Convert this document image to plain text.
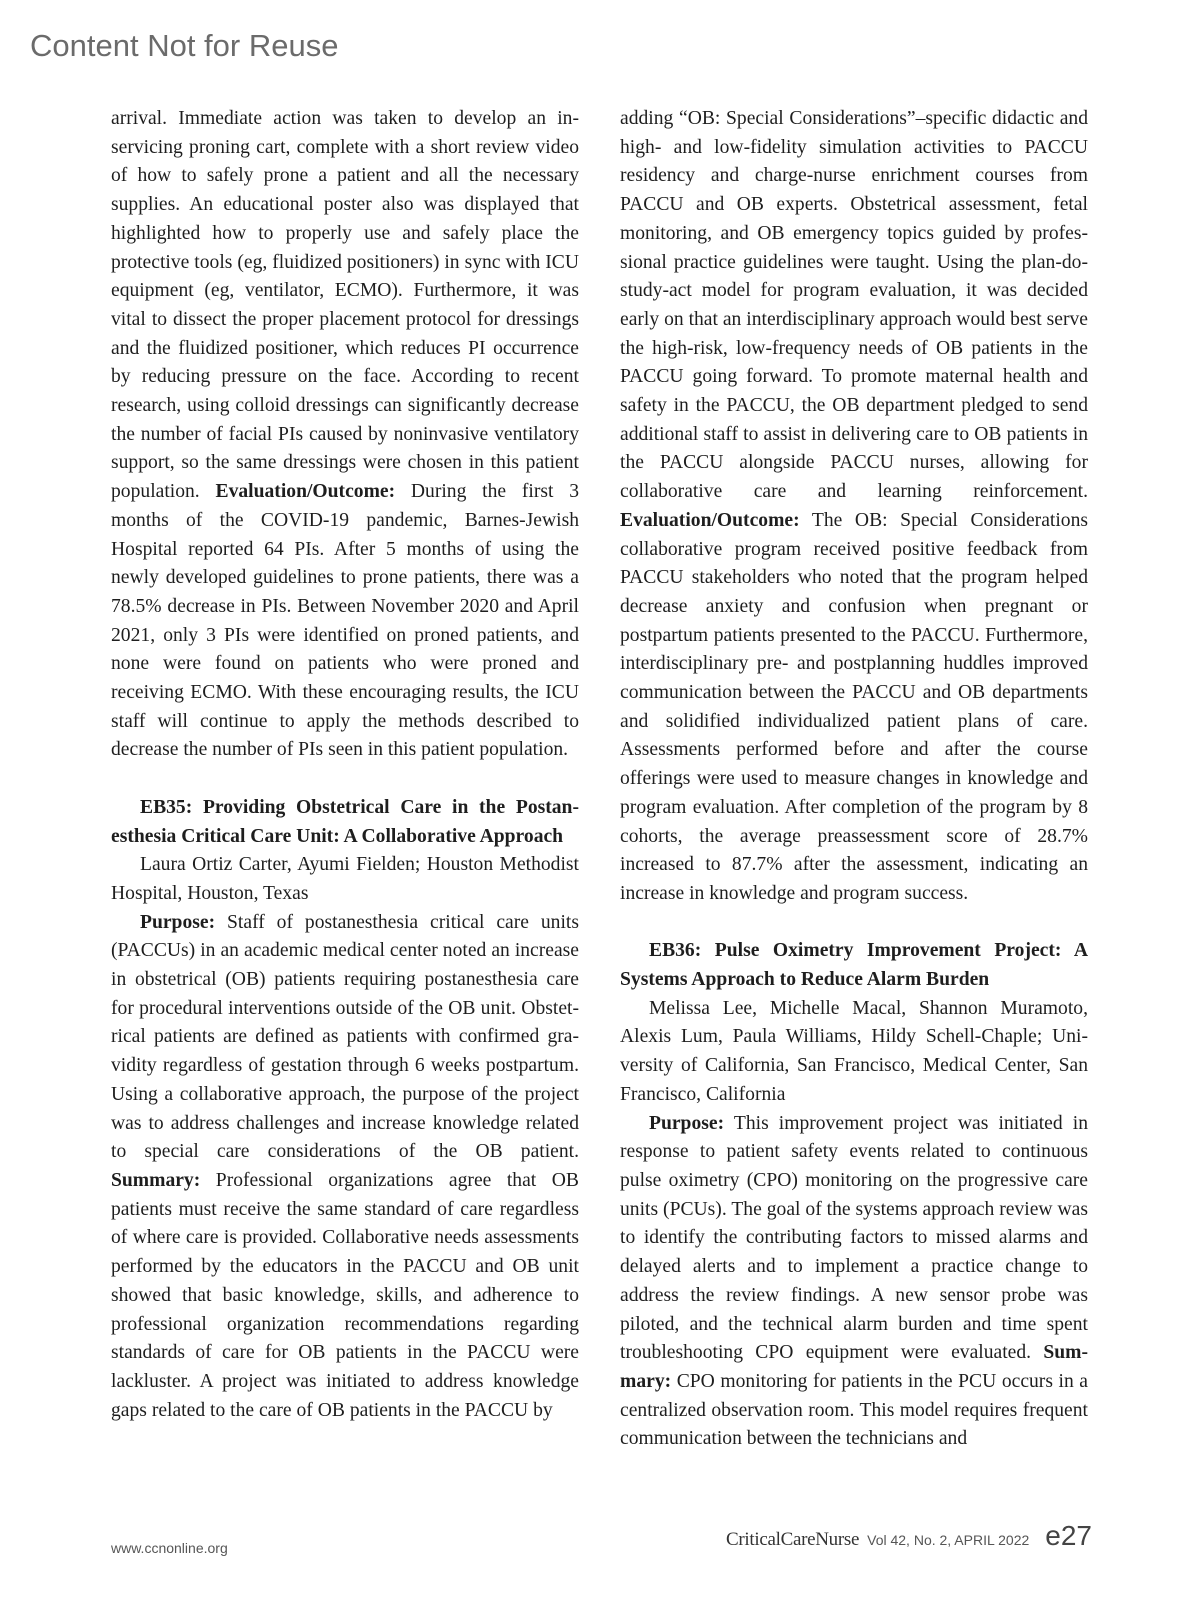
Content Not for Reuse

arrival. Immediate action was taken to develop an in-servicing proning cart, complete with a short review video of how to safely prone a patient and all the necessary supplies. An educational poster also was displayed that highlighted how to properly use and safely place the protective tools (eg, fluidized positioners) in sync with ICU equipment (eg, ventilator, ECMO). Furthermore, it was vital to dissect the proper placement protocol for dressings and the fluidized positioner, which reduces PI occurrence by reducing pressure on the face. According to recent research, using colloid dressings can significantly decrease the number of facial PIs caused by noninvasive ventilatory support, so the same dressings were chosen in this patient population. Evaluation/Outcome: During the first 3 months of the COVID-19 pandemic, Barnes-Jewish Hospital reported 64 PIs. After 5 months of using the newly developed guidelines to prone patients, there was a 78.5% decrease in PIs. Between November 2020 and April 2021, only 3 PIs were identified on proned patients, and none were found on patients who were proned and receiving ECMO. With these encouraging results, the ICU staff will continue to apply the methods described to decrease the number of PIs seen in this patient population.

EB35: Providing Obstetrical Care in the Postanesthesia Critical Care Unit: A Collaborative Approach

Laura Ortiz Carter, Ayumi Fielden; Houston Methodist Hospital, Houston, Texas

Purpose: Staff of postanesthesia critical care units (PACCUs) in an academic medical center noted an increase in obstetrical (OB) patients requiring postanesthesia care for procedural interventions outside of the OB unit. Obstetrical patients are defined as patients with confirmed gravidity regardless of gestation through 6 weeks postpartum. Using a collaborative approach, the purpose of the project was to address challenges and increase knowledge related to special care considerations of the OB patient. Summary: Professional organizations agree that OB patients must receive the same standard of care regardless of where care is provided. Collaborative needs assessments performed by the educators in the PACCU and OB unit showed that basic knowledge, skills, and adherence to professional organization recommendations regarding standards of care for OB patients in the PACCU were lackluster. A project was initiated to address knowledge gaps related to the care of OB patients in the PACCU by

adding “OB: Special Considerations”–specific didactic and high- and low-fidelity simulation activities to PACCU residency and charge-nurse enrichment courses from PACCU and OB experts. Obstetrical assessment, fetal monitoring, and OB emergency topics guided by professional practice guidelines were taught. Using the plan-do-study-act model for program evaluation, it was decided early on that an interdisciplinary approach would best serve the high-risk, low-frequency needs of OB patients in the PACCU going forward. To promote maternal health and safety in the PACCU, the OB department pledged to send additional staff to assist in delivering care to OB patients in the PACCU alongside PACCU nurses, allowing for collaborative care and learning reinforcement. Evaluation/Outcome: The OB: Special Considerations collaborative program received positive feedback from PACCU stakeholders who noted that the program helped decrease anxiety and confusion when pregnant or postpartum patients presented to the PACCU. Furthermore, interdisciplinary pre- and postplanning huddles improved communication between the PACCU and OB departments and solidified individualized patient plans of care. Assessments performed before and after the course offerings were used to measure changes in knowledge and program evaluation. After completion of the program by 8 cohorts, the average preassessment score of 28.7% increased to 87.7% after the assessment, indicating an increase in knowledge and program success.

EB36: Pulse Oximetry Improvement Project: A Systems Approach to Reduce Alarm Burden

Melissa Lee, Michelle Macal, Shannon Muramoto, Alexis Lum, Paula Williams, Hildy Schell-Chaple; University of California, San Francisco, Medical Center, San Francisco, California

Purpose: This improvement project was initiated in response to patient safety events related to continuous pulse oximetry (CPO) monitoring on the progressive care units (PCUs). The goal of the systems approach review was to identify the contributing factors to missed alarms and delayed alerts and to implement a practice change to address the review findings. A new sensor probe was piloted, and the technical alarm burden and time spent troubleshooting CPO equipment were evaluated. Summary: CPO monitoring for patients in the PCU occurs in a centralized observation room. This model requires frequent communication between the technicians and

www.ccnonline.org	CriticalCareNurse Vol 42, No. 2, APRIL 2022 e27
